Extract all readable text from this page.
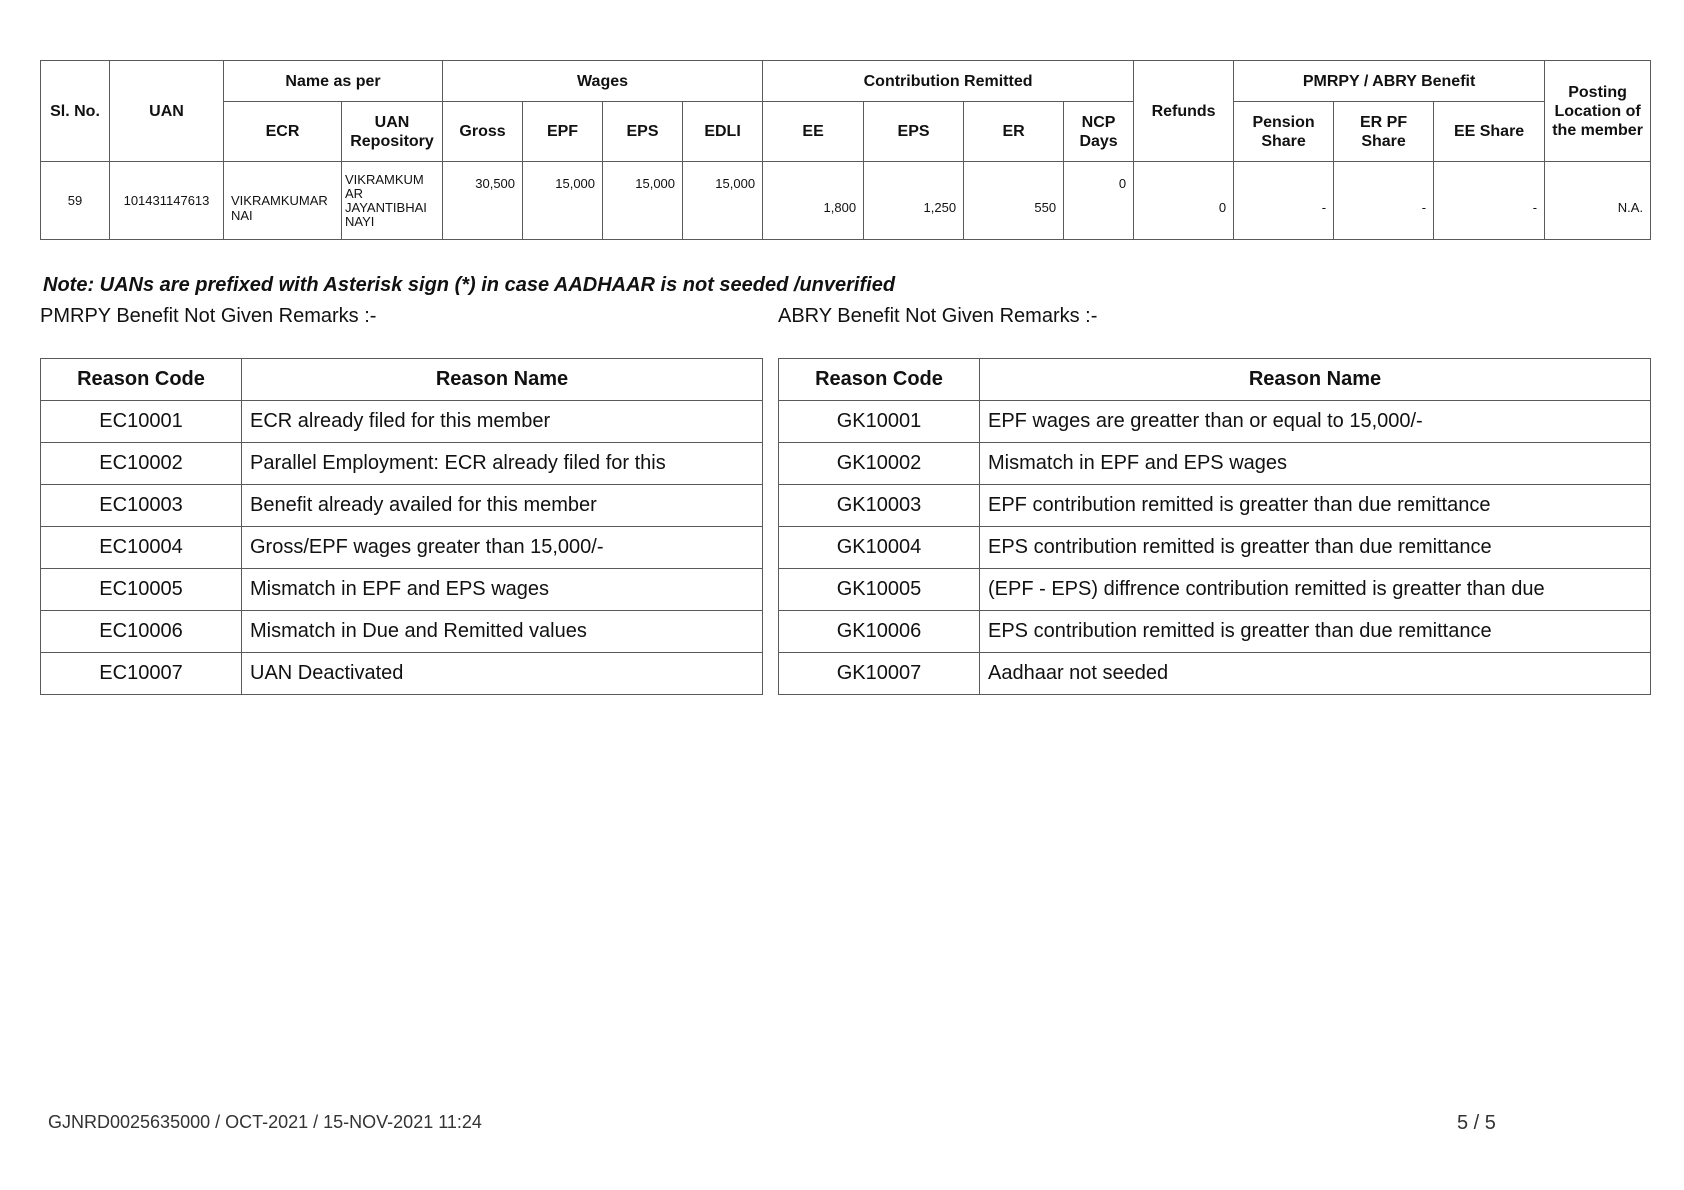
Sl. No.	UAN	Name as per		Wages				Contribution Remitted				Refunds	PMRPY / ABRY Benefit			Posting Location of the member
		ECR	UAN Repository	Gross	EPF	EPS	EDLI	EE	EPS	ER	NCP Days		Pension Share	ER PF Share	EE Share	
59	101431147613	VIKRAMKUMAR NAI	VIKRAMKUM AR JAYANTIBHAI NAYI	30,500	15,000	15,000	15,000	1,800	1,250	550	0	0	-	-	-	N.A.
Note: UANs are prefixed with Asterisk sign (*) in case AADHAAR is not seeded /unverified
PMRPY Benefit Not Given Remarks :-	ABRY Benefit Not Given Remarks :-
Reason Code	Reason Name
EC10001	ECR already filed for this member
EC10002	Parallel Employment: ECR already filed for this
EC10003	Benefit already availed for this member
EC10004	Gross/EPF wages greater than 15,000/-
EC10005	Mismatch in EPF and EPS wages
EC10006	Mismatch in Due and Remitted values
EC10007	UAN Deactivated
Reason Code	Reason Name
GK10001	EPF wages are greatter than or equal to 15,000/-
GK10002	Mismatch in EPF and EPS wages
GK10003	EPF contribution remitted is greatter than due remittance
GK10004	EPS contribution remitted is greatter than due remittance
GK10005	(EPF - EPS) diffrence contribution remitted is greatter than due
GK10006	EPS contribution remitted is greatter than due remittance
GK10007	Aadhaar not seeded
GJNRD0025635000 / OCT-2021 / 15-NOV-2021 11:24	5 / 5
